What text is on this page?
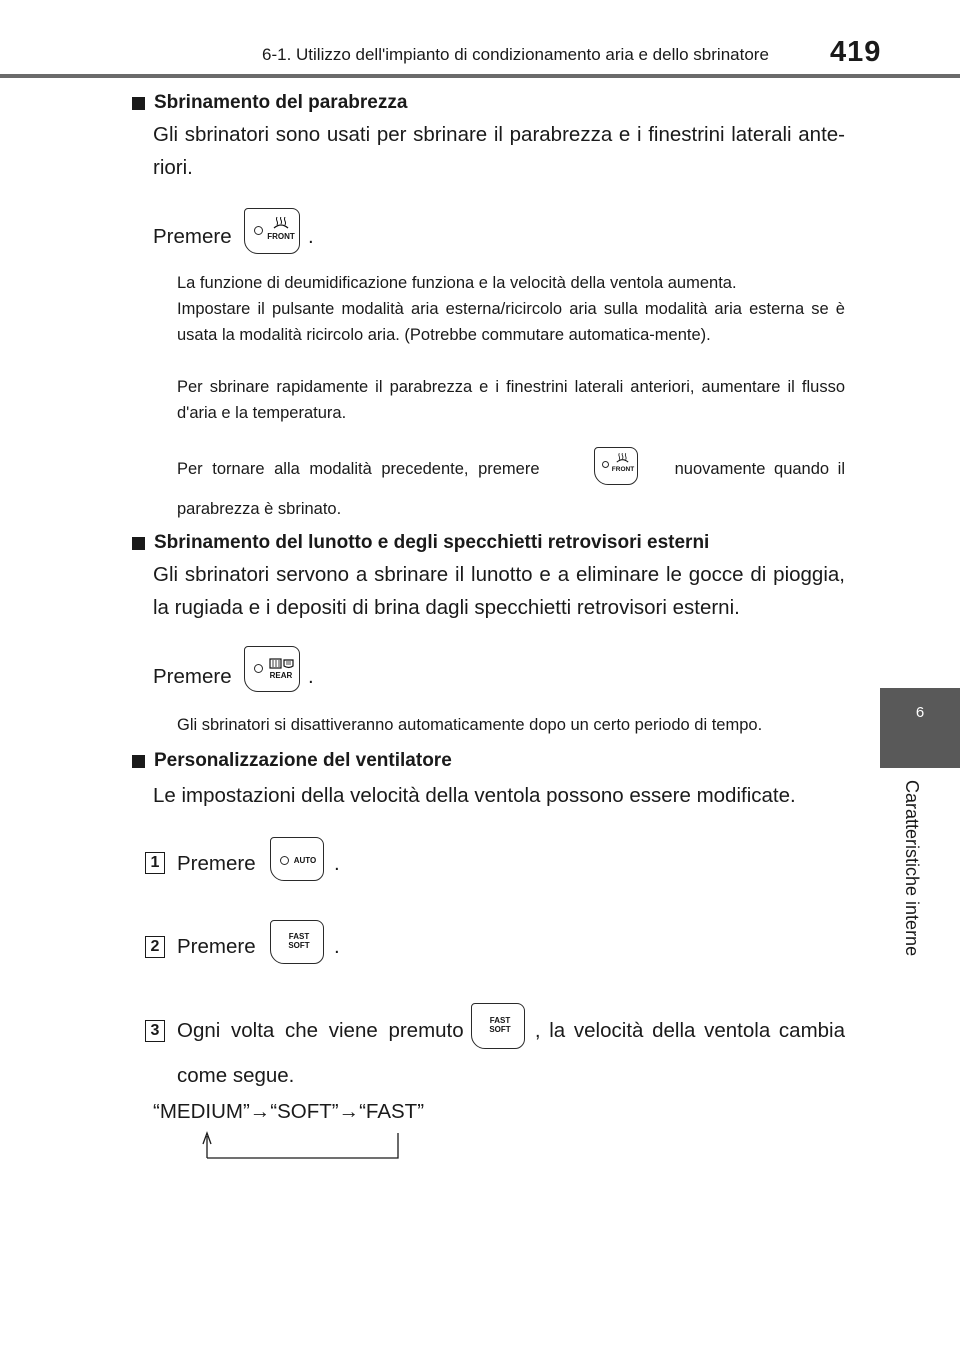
6-1. Utilizzo dell'impianto di condizionamento aria e dello sbrinatore 419
6
Caratteristiche interne
Sbrinamento del parabrezza
Gli sbrinatori sono usati per sbrinare il parabrezza e i finestrini laterali ante-riori.
Premere	FRONT .
La funzione di deumidificazione funziona e la velocità della ventola aumenta.
Impostare il pulsante modalità aria esterna/ricircolo aria sulla modalità aria esterna se è usata la modalità ricircolo aria. (Potrebbe commutare automatica-mente).
Per sbrinare rapidamente il parabrezza e i finestrini laterali anteriori, aumentare il flusso d'aria e la temperatura.
Per tornare alla modalità precedente, premere	FRONT	nuovamente quando il
parabrezza è sbrinato.
Sbrinamento del lunotto e degli specchietti retrovisori esterni
Gli sbrinatori servono a sbrinare il lunotto e a eliminare le gocce di pioggia, la rugiada e i depositi di brina dagli specchietti retrovisori esterni.
Premere	REAR .
Gli sbrinatori si disattiveranno automaticamente dopo un certo periodo di tempo.
Personalizzazione del ventilatore
Le impostazioni della velocità della ventola possono essere modificate.
1 Premere	AUTO .
2 Premere	FAST
SOFT .
3 Ogni volta che viene premuto	FAST
SOFT , la velocità della ventola cambia
come segue.
“MEDIUM”→“SOFT”→“FAST”
